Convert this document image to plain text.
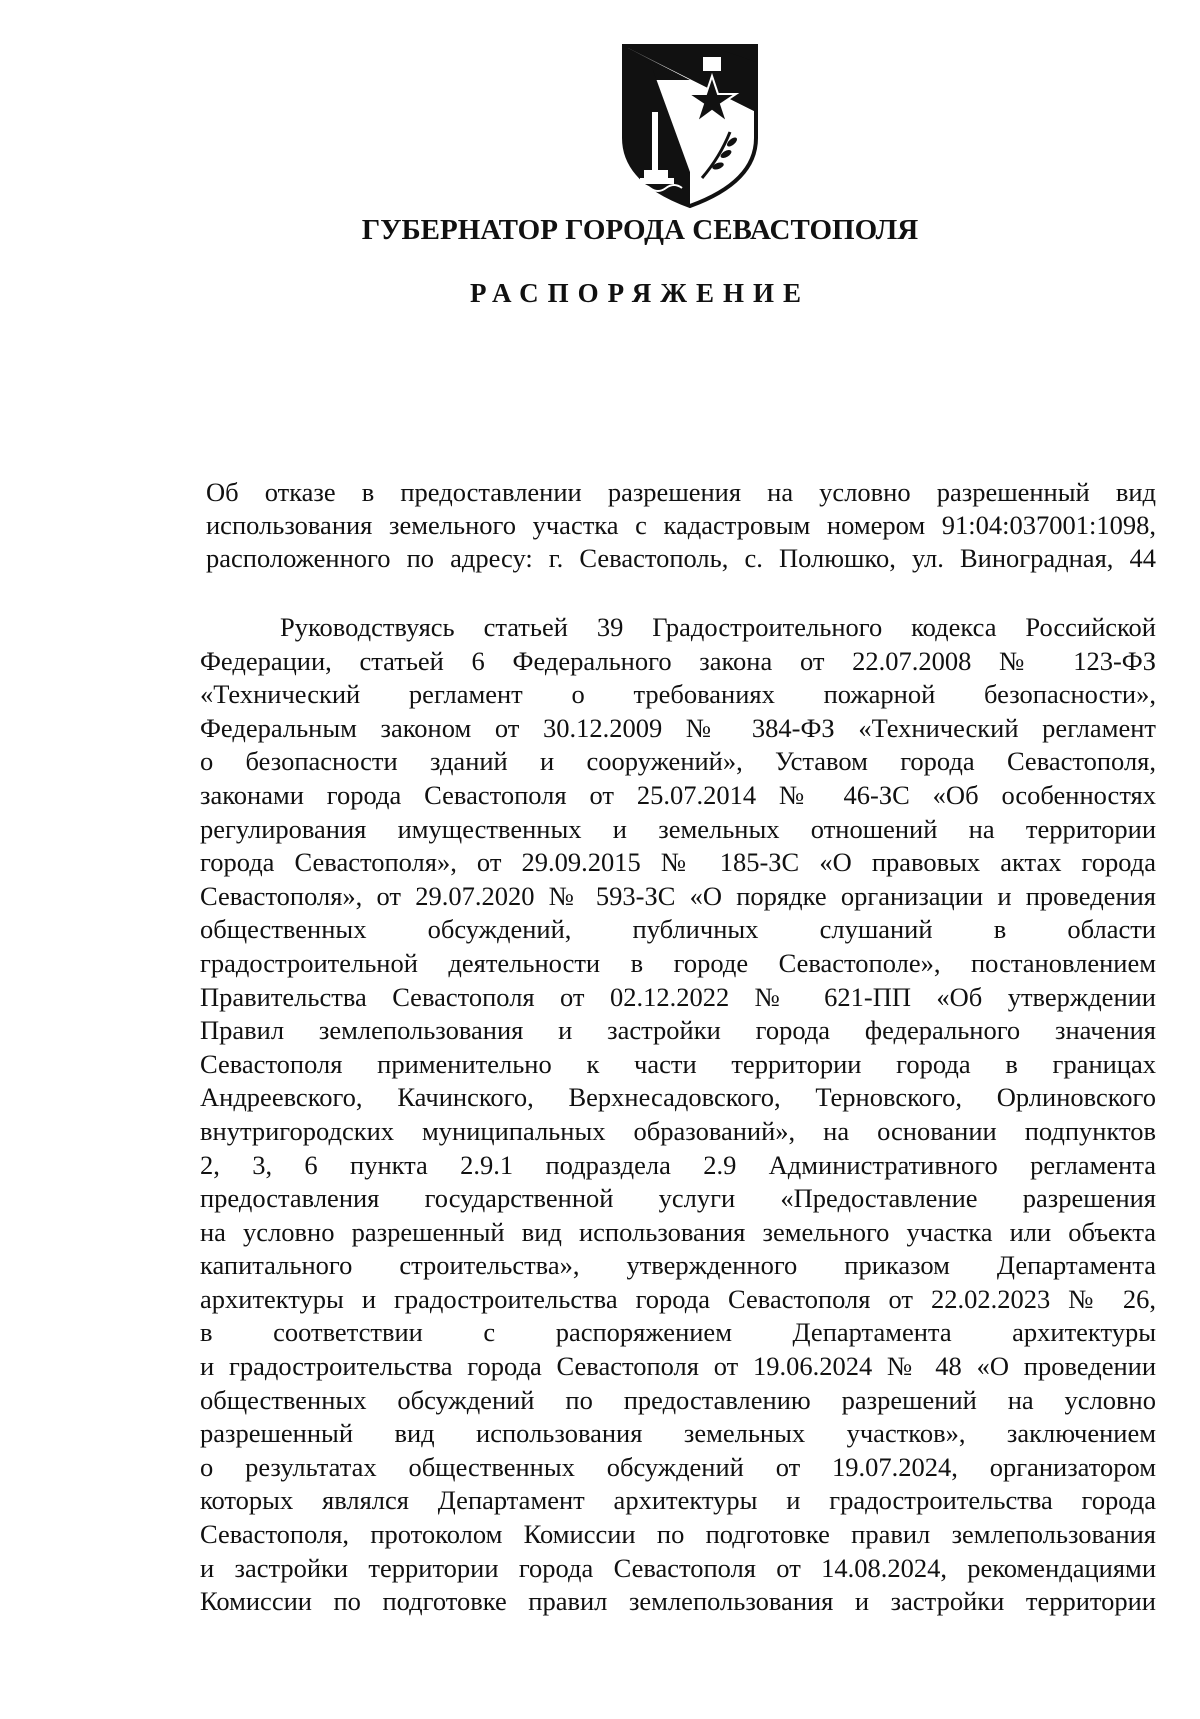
ГУБЕРНАТОР ГОРОДА СЕВАСТОПОЛЯ
РАСПОРЯЖЕНИЕ
Об отказе в предоставлении разрешения на условно разрешенный вид
использования земельного участка с кадастровым номером 91:04:037001:1098,
расположенного по адресу: г. Севастополь, с. Полюшко, ул. Виноградная, 44
Руководствуясь статьей 39 Градостроительного кодекса Российской
Федерации, статьей 6 Федерального закона от 22.07.2008 № 123-ФЗ
«Технический регламент о требованиях пожарной безопасности»,
Федеральным законом от 30.12.2009 № 384-ФЗ «Технический регламент
о безопасности зданий и сооружений», Уставом города Севастополя,
законами города Севастополя от 25.07.2014 № 46-ЗС «Об особенностях
регулирования имущественных и земельных отношений на территории
города Севастополя», от 29.09.2015 № 185-ЗС «О правовых актах города
Севастополя», от 29.07.2020 № 593-ЗС «О порядке организации и проведения
общественных обсуждений, публичных слушаний в области
градостроительной деятельности в городе Севастополе», постановлением
Правительства Севастополя от 02.12.2022 № 621-ПП «Об утверждении
Правил землепользования и застройки города федерального значения
Севастополя применительно к части территории города в границах
Андреевского, Качинского, Верхнесадовского, Терновского, Орлиновского
внутригородских муниципальных образований», на основании подпунктов
2, 3, 6 пункта 2.9.1 подраздела 2.9 Административного регламента
предоставления государственной услуги «Предоставление разрешения
на условно разрешенный вид использования земельного участка или объекта
капитального строительства», утвержденного приказом Департамента
архитектуры и градостроительства города Севастополя от 22.02.2023 № 26,
в соответствии с распоряжением Департамента архитектуры
и градостроительства города Севастополя от 19.06.2024 № 48 «О проведении
общественных обсуждений по предоставлению разрешений на условно
разрешенный вид использования земельных участков», заключением
о результатах общественных обсуждений от 19.07.2024, организатором
которых являлся Департамент архитектуры и градостроительства города
Севастополя, протоколом Комиссии по подготовке правил землепользования
и застройки территории города Севастополя от 14.08.2024, рекомендациями
Комиссии по подготовке правил землепользования и застройки территории
